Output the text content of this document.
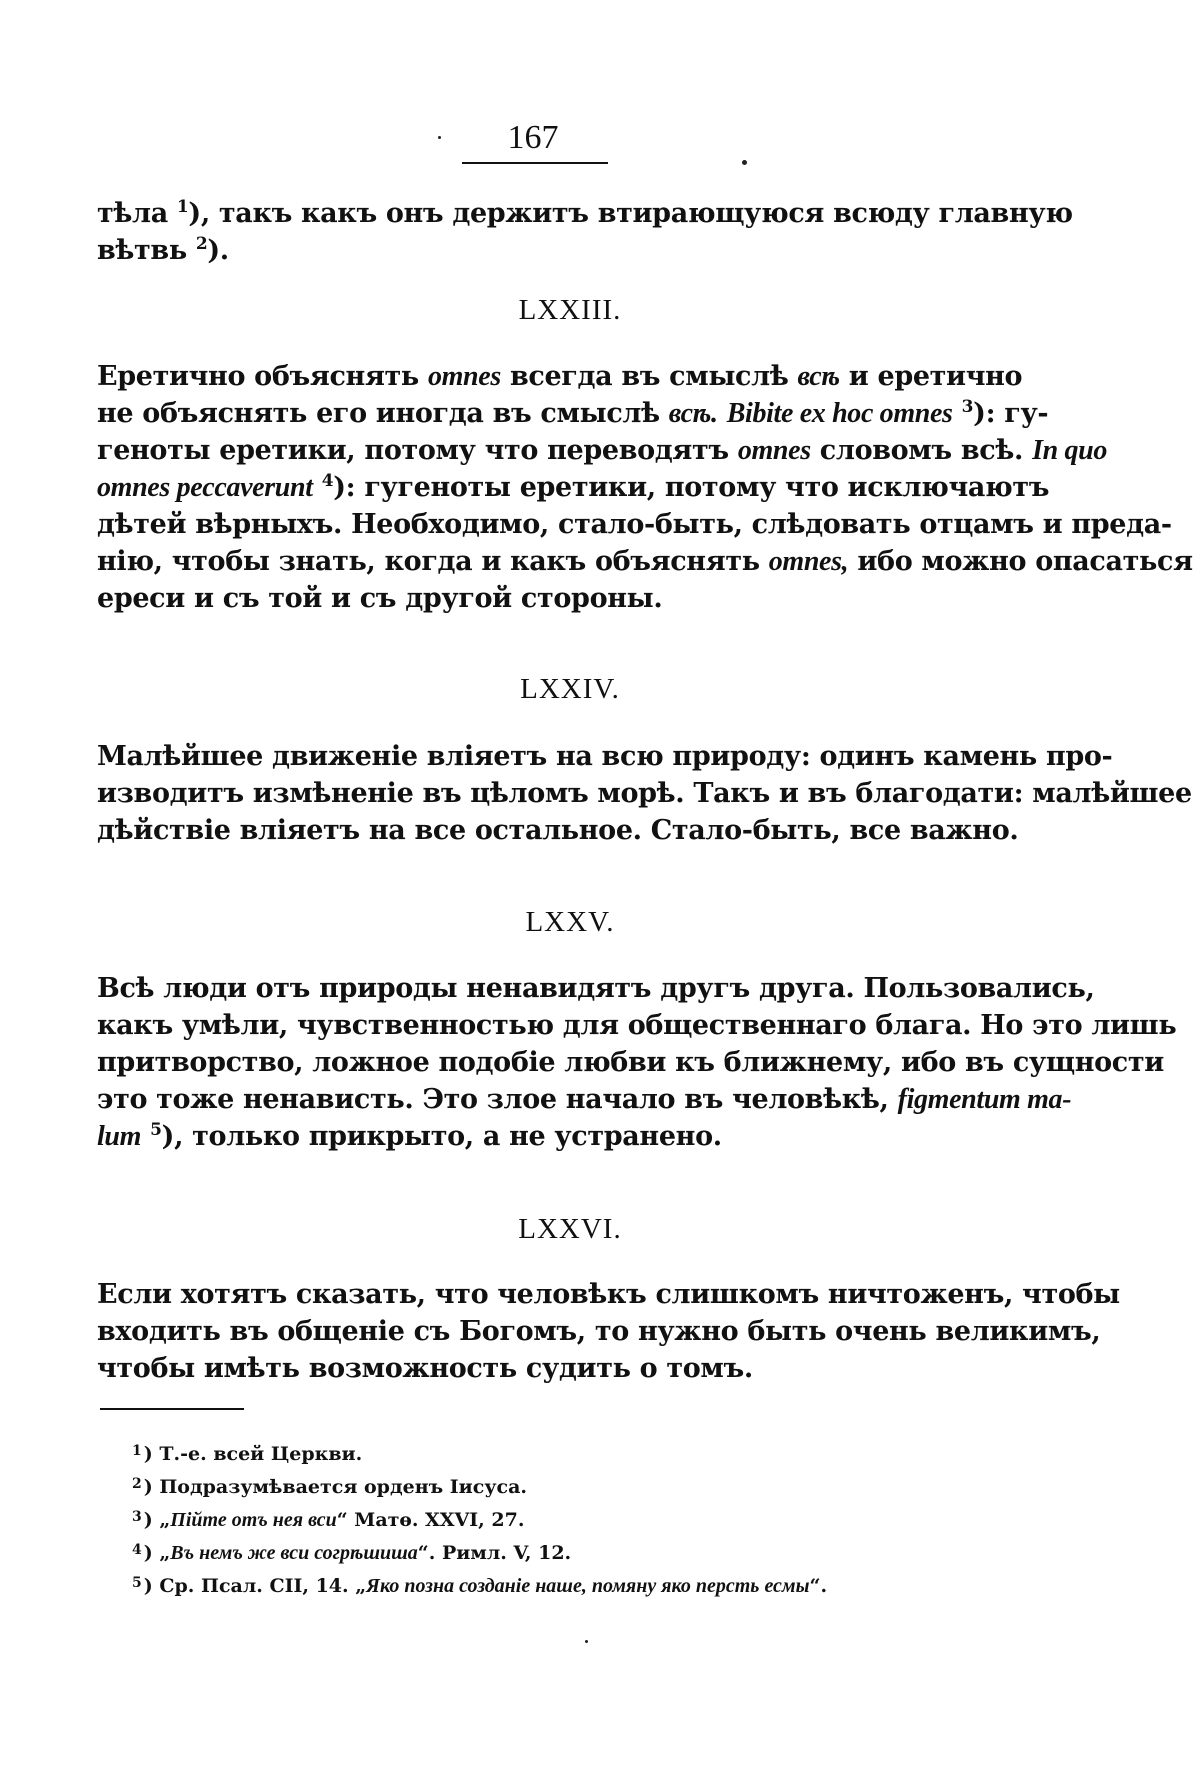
167
тѣла $^1$), такъ какъ онъ держитъ втирающуюся всюду главную
вѣтвь $^2$).
LXXIII.
Еретично объяснять omnes всегда въ смыслѣ всѣ и еретично
не объяснять его иногда въ смыслѣ всѣ. Bibite ex hoc omnes $^3$): гу-
геноты еретики, потому что переводятъ omnes словомъ всѣ. In quo
omnes peccaverunt $^4$): гугеноты еретики, потому что исключаютъ
дѣтей вѣрныхъ. Необходимо, стало-быть, слѣдовать отцамъ и преда-
нію, чтобы знать, когда и какъ объяснять omnes, ибо можно опасаться
ереси и съ той и съ другой стороны.
LXXIV.
Малѣйшее движеніе вліяетъ на всю природу: одинъ камень про-
изводитъ измѣненіе въ цѣломъ морѣ. Такъ и въ благодати: малѣйшее
дѣйствіе вліяетъ на все остальное. Стало-быть, все важно.
LXXV.
Всѣ люди отъ природы ненавидятъ другъ друга. Пользовались,
какъ умѣли, чувственностью для общественнаго блага. Но это лишь
притворство, ложное подобіе любви къ ближнему, ибо въ сущности
это тоже ненависть. Это злое начало въ человѣкѣ, figmentum ma-
lum $^5$), только прикрыто, а не устранено.
LXXVI.
Если хотятъ сказать, что человѣкъ слишкомъ ничтоженъ, чтобы
входить въ общеніе съ Богомъ, то нужно быть очень великимъ,
чтобы имѣть возможность судить о томъ.
$^1$ ) Т.-е. всей Церкви.
$^2$ ) Подразумѣвается орденъ Іисуса.
$^3$ ) „Пійте отъ нея вси“ Матѳ. XXVI, 27.
$^4$ ) „Въ немъ же вси согрѣшиша“. Римл. V, 12.
$^5$ ) Ср. Псал. CII, 14. „Яко позна созданіе наше, помяну яко персть есмы“.
